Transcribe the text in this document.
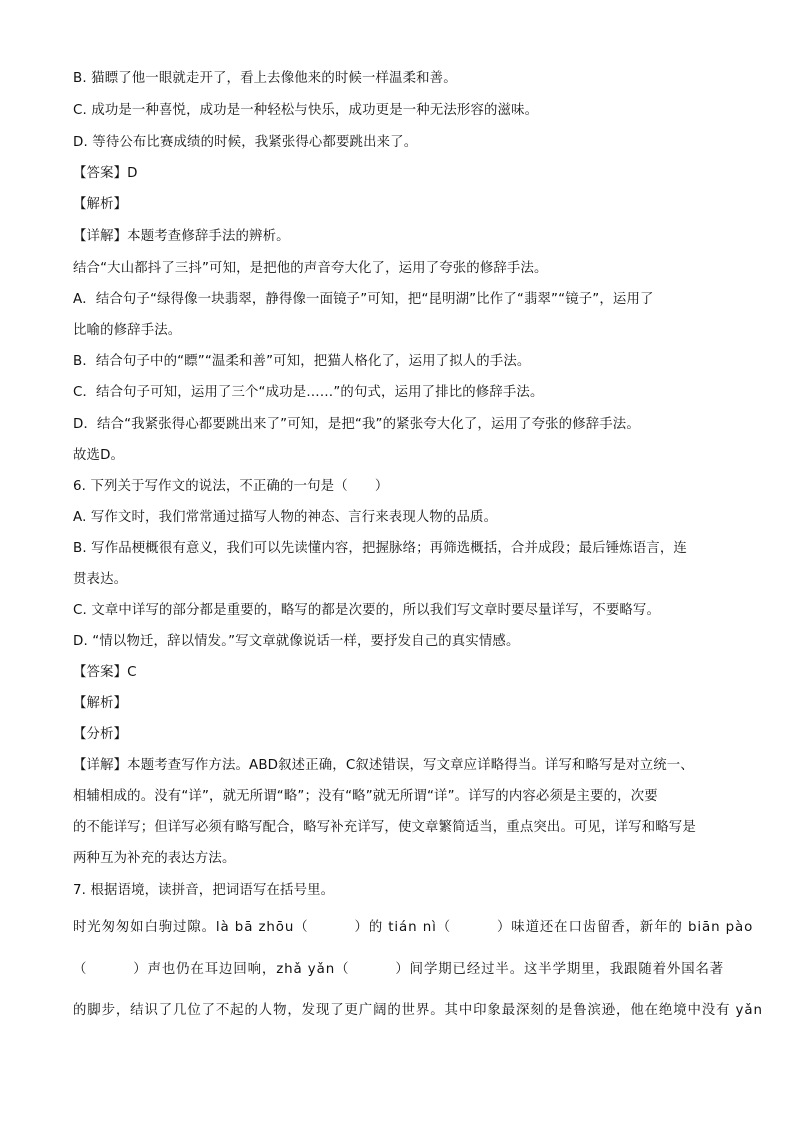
B. 猫瞟了他一眼就走开了，看上去像他来的时候一样温柔和善。
C. 成功是一种喜悦，成功是一种轻松与快乐，成功更是一种无法形容的滋味。
D. 等待公布比赛成绩的时候，我紧张得心都要跳出来了。
【答案】D
【解析】
【详解】本题考查修辞手法的辨析。
结合“大山都抖了三抖”可知，是把他的声音夸大化了，运用了夸张的修辞手法。
A．结合句子“绿得像一块翡翠，静得像一面镜子”可知，把“昆明湖”比作了“翡翠”“镜子”，运用了
比喻的修辞手法。
B．结合句子中的“瞟”“温柔和善”可知，把猫人格化了，运用了拟人的手法。
C．结合句子可知，运用了三个“成功是……”的句式，运用了排比的修辞手法。
D．结合“我紧张得心都要跳出来了”可知，是把“我”的紧张夸大化了，运用了夸张的修辞手法。
故选D。
6. 下列关于写作文的说法，不正确的一句是（　　）
A. 写作文时，我们常常通过描写人物的神态、言行来表现人物的品质。
B. 写作品梗概很有意义，我们可以先读懂内容，把握脉络；再筛选概括，合并成段；最后锤炼语言，连
贯表达。
C. 文章中详写的部分都是重要的，略写的都是次要的，所以我们写文章时要尽量详写，不要略写。
D. “情以物迁，辞以情发。”写文章就像说话一样，要抒发自己的真实情感。
【答案】C
【解析】
【分析】
【详解】本题考查写作方法。ABD叙述正确，C叙述错误，写文章应详略得当。详写和略写是对立统一、
相辅相成的。没有“详”，就无所谓“略”；没有“略”就无所谓“详”。详写的内容必须是主要的，次要
的不能详写；但详写必须有略写配合，略写补充详写，使文章繁简适当，重点突出。可见，详写和略写是
两种互为补充的表达方法。
7. 根据语境，读拼音，把词语写在括号里。
时光匆匆如白驹过隙。là bā zhōu（	）的 tián nì（	）味道还在口齿留香，新年的 biān pào
（	）声也仍在耳边回响，zhǎ yǎn（	）间学期已经过半。这半学期里，我跟随着外国名著
的脚步，结识了几位了不起的人物，发现了更广阔的世界。其中印象最深刻的是鲁滨逊，他在绝境中没有 yǎn
